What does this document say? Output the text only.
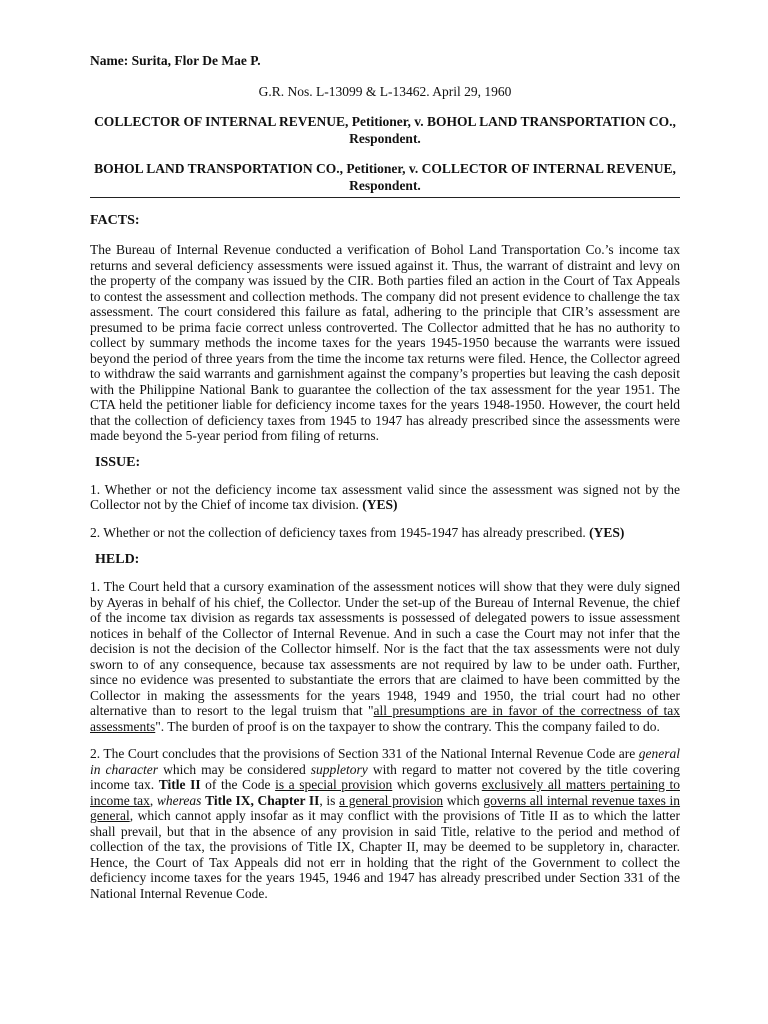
Name: Surita, Flor De Mae P.

G.R. Nos. L-13099 & L-13462. April 29, 1960
COLLECTOR OF INTERNAL REVENUE, Petitioner, v. BOHOL LAND TRANSPORTATION CO., Respondent.
BOHOL LAND TRANSPORTATION CO., Petitioner, v. COLLECTOR OF INTERNAL REVENUE, Respondent.
FACTS:
The Bureau of Internal Revenue conducted a verification of Bohol Land Transportation Co.’s income tax returns and several deficiency assessments were issued against it. Thus, the warrant of distraint and levy on the property of the company was issued by the CIR. Both parties filed an action in the Court of Tax Appeals to contest the assessment and collection methods. The company did not present evidence to challenge the tax assessment. The court considered this failure as fatal, adhering to the principle that CIR’s assessment are presumed to be prima facie correct unless controverted. The Collector admitted that he has no authority to collect by summary methods the income taxes for the years 1945-1950 because the warrants were issued beyond the period of three years from the time the income tax returns were filed. Hence, the Collector agreed to withdraw the said warrants and garnishment against the company’s properties but leaving the cash deposit with the Philippine National Bank to guarantee the collection of the tax assessment for the year 1951. The CTA held the petitioner liable for deficiency income taxes for the years 1948-1950. However, the court held that the collection of deficiency taxes from 1945 to 1947 has already prescribed since the assessments were made beyond the 5-year period from filing of returns.
ISSUE:
1. Whether or not the deficiency income tax assessment valid since the assessment was signed not by the Collector not by the Chief of income tax division. (YES)
2. Whether or not the collection of deficiency taxes from 1945-1947 has already prescribed. (YES)
HELD:
1. The Court held that a cursory examination of the assessment notices will show that they were duly signed by Ayeras in behalf of his chief, the Collector. Under the set-up of the Bureau of Internal Revenue, the chief of the income tax division as regards tax assessments is possessed of delegated powers to issue assessment notices in behalf of the Collector of Internal Revenue. And in such a case the Court may not infer that the decision is not the decision of the Collector himself. Nor is the fact that the tax assessments were not duly sworn to of any consequence, because tax assessments are not required by law to be under oath. Further, since no evidence was presented to substantiate the errors that are claimed to have been committed by the Collector in making the assessments for the years 1948, 1949 and 1950, the trial court had no other alternative than to resort to the legal truism that "all presumptions are in favor of the correctness of tax assessments". The burden of proof is on the taxpayer to show the contrary. This the company failed to do.
2. The Court concludes that the provisions of Section 331 of the National Internal Revenue Code are general in character which may be considered suppletory with regard to matter not covered by the title covering income tax. Title II of the Code is a special provision which governs exclusively all matters pertaining to income tax, whereas Title IX, Chapter II, is a general provision which governs all internal revenue taxes in general, which cannot apply insofar as it may conflict with the provisions of Title II as to which the latter shall prevail, but that in the absence of any provision in said Title, relative to the period and method of collection of the tax, the provisions of Title IX, Chapter II, may be deemed to be suppletory in, character. Hence, the Court of Tax Appeals did not err in holding that the right of the Government to collect the deficiency income taxes for the years 1945, 1946 and 1947 has already prescribed under Section 331 of the National Internal Revenue Code.
